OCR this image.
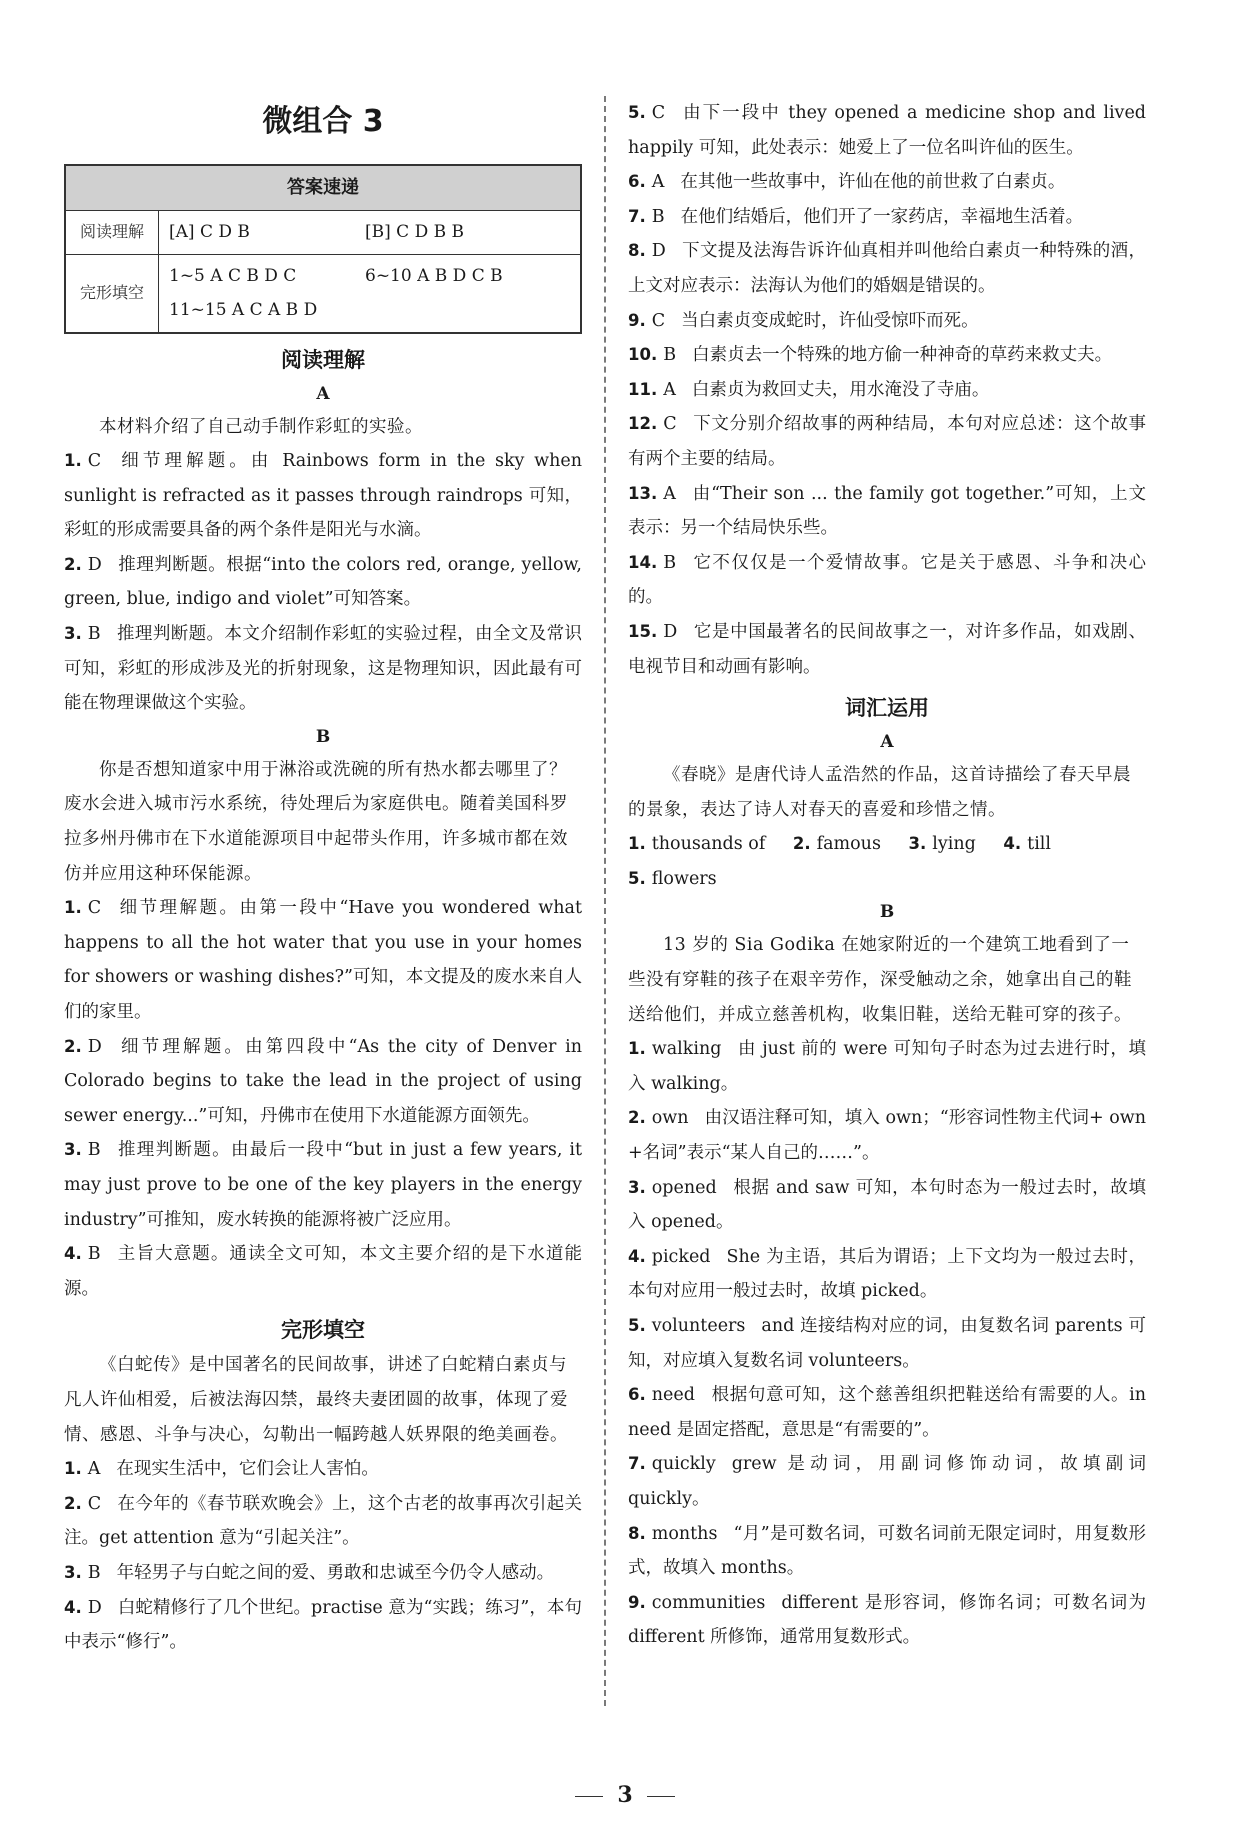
微组合 3
答案速递	
阅读理解	[A] C D B [B] C D B B
完形填空	1~5 A C B D C 6~10 A B D C B
11~15 A C A B D
阅读理解
A
本材料介绍了自己动手制作彩虹的实验。
1. C 细节理解题。由 Rainbows form in the sky when sunlight is refracted as it passes through raindrops 可知，彩虹的形成需要具备的两个条件是阳光与水滴。
2. D 推理判断题。根据“into the colors red, orange, yellow, green, blue, indigo and violet”可知答案。
3. B 推理判断题。本文介绍制作彩虹的实验过程，由全文及常识可知，彩虹的形成涉及光的折射现象，这是物理知识，因此最有可能在物理课做这个实验。
B
你是否想知道家中用于淋浴或洗碗的所有热水都去哪里了？废水会进入城市污水系统，待处理后为家庭供电。随着美国科罗拉多州丹佛市在下水道能源项目中起带头作用，许多城市都在效仿并应用这种环保能源。
1. C 细节理解题。由第一段中“Have you wondered what happens to all the hot water that you use in your homes for showers or washing dishes?”可知，本文提及的废水来自人们的家里。
2. D 细节理解题。由第四段中“As the city of Denver in Colorado begins to take the lead in the project of using sewer energy...”可知，丹佛市在使用下水道能源方面领先。
3. B 推理判断题。由最后一段中“but in just a few years, it may just prove to be one of the key players in the energy industry”可推知，废水转换的能源将被广泛应用。
4. B 主旨大意题。通读全文可知，本文主要介绍的是下水道能源。
完形填空
《白蛇传》是中国著名的民间故事，讲述了白蛇精白素贞与凡人许仙相爱，后被法海囚禁，最终夫妻团圆的故事，体现了爱情、感恩、斗争与决心，勾勒出一幅跨越人妖界限的绝美画卷。
1. A 在现实生活中，它们会让人害怕。
2. C 在今年的《春节联欢晚会》上，这个古老的故事再次引起关注。get attention 意为“引起关注”。
3. B 年轻男子与白蛇之间的爱、勇敢和忠诚至今仍令人感动。
4. D 白蛇精修行了几个世纪。practise 意为“实践；练习”，本句中表示“修行”。
5. C 由下一段中 they opened a medicine shop and lived happily 可知，此处表示：她爱上了一位名叫许仙的医生。
6. A 在其他一些故事中，许仙在他的前世救了白素贞。
7. B 在他们结婚后，他们开了一家药店，幸福地生活着。
8. D 下文提及法海告诉许仙真相并叫他给白素贞一种特殊的酒，上文对应表示：法海认为他们的婚姻是错误的。
9. C 当白素贞变成蛇时，许仙受惊吓而死。
10. B 白素贞去一个特殊的地方偷一种神奇的草药来救丈夫。
11. A 白素贞为救回丈夫，用水淹没了寺庙。
12. C 下文分别介绍故事的两种结局，本句对应总述：这个故事有两个主要的结局。
13. A 由“Their son ... the family got together.”可知，上文表示：另一个结局快乐些。
14. B 它不仅仅是一个爱情故事。它是关于感恩、斗争和决心的。
15. D 它是中国最著名的民间故事之一，对许多作品，如戏剧、电视节目和动画有影响。
词汇运用
A
《春晓》是唐代诗人孟浩然的作品，这首诗描绘了春天早晨的景象，表达了诗人对春天的喜爱和珍惜之情。
1. thousands of 2. famous 3. lying 4. till
5. flowers
B
13 岁的 Sia Godika 在她家附近的一个建筑工地看到了一些没有穿鞋的孩子在艰辛劳作，深受触动之余，她拿出自己的鞋送给他们，并成立慈善机构，收集旧鞋，送给无鞋可穿的孩子。
1. walking 由 just 前的 were 可知句子时态为过去进行时，填入 walking。
2. own 由汉语注释可知，填入 own；“形容词性物主代词+ own +名词”表示“某人自己的……”。
3. opened 根据 and saw 可知，本句时态为一般过去时，故填入 opened。
4. picked She 为主语，其后为谓语；上下文均为一般过去时，本句对应用一般过去时，故填 picked。
5. volunteers and 连接结构对应的词，由复数名词 parents 可知，对应填入复数名词 volunteers。
6. need 根据句意可知，这个慈善组织把鞋送给有需要的人。in need 是固定搭配，意思是“有需要的”。
7. quickly grew 是动词，用副词修饰动词，故填副词 quickly。
8. months “月”是可数名词，可数名词前无限定词时，用复数形式，故填入 months。
9. communities different 是形容词，修饰名词；可数名词为 different 所修饰，通常用复数形式。
3
